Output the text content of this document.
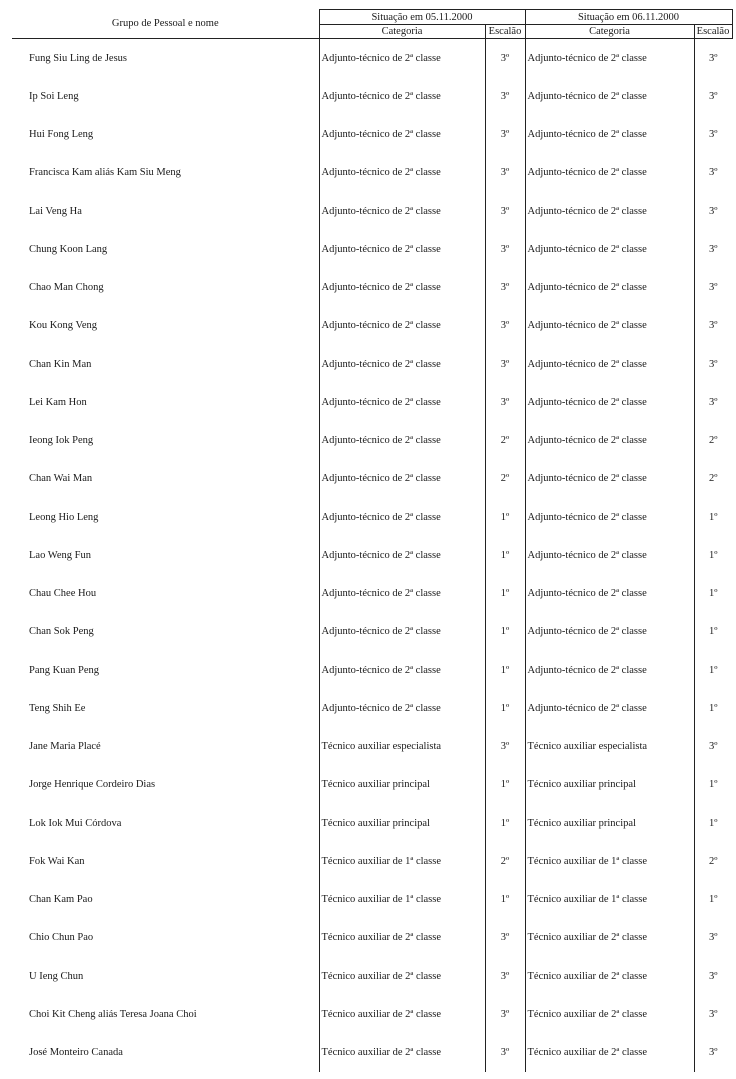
Grupo de Pessoal e nome	Situação em 05.11.2000		Situação em 06.11.2000	
	Categoria	Escalão	Categoria	Escalão
Fung Siu Ling de Jesus	Adjunto-técnico de 2ª classe	3º	Adjunto-técnico de 2ª classe	3º
Ip Soi Leng	Adjunto-técnico de 2ª classe	3º	Adjunto-técnico de 2ª classe	3º
Hui Fong Leng	Adjunto-técnico de 2ª classe	3º	Adjunto-técnico de 2ª classe	3º
Francisca Kam aliás Kam Siu Meng	Adjunto-técnico de 2ª classe	3º	Adjunto-técnico de 2ª classe	3º
Lai Veng Ha	Adjunto-técnico de 2ª classe	3º	Adjunto-técnico de 2ª classe	3º
Chung Koon Lang	Adjunto-técnico de 2ª classe	3º	Adjunto-técnico de 2ª classe	3º
Chao Man Chong	Adjunto-técnico de 2ª classe	3º	Adjunto-técnico de 2ª classe	3º
Kou Kong Veng	Adjunto-técnico de 2ª classe	3º	Adjunto-técnico de 2ª classe	3º
Chan Kin Man	Adjunto-técnico de 2ª classe	3º	Adjunto-técnico de 2ª classe	3º
Lei Kam Hon	Adjunto-técnico de 2ª classe	3º	Adjunto-técnico de 2ª classe	3º
Ieong Iok Peng	Adjunto-técnico de 2ª classe	2º	Adjunto-técnico de 2ª classe	2º
Chan Wai Man	Adjunto-técnico de 2ª classe	2º	Adjunto-técnico de 2ª classe	2º
Leong Hio Leng	Adjunto-técnico de 2ª classe	1º	Adjunto-técnico de 2ª classe	1º
Lao Weng Fun	Adjunto-técnico de 2ª classe	1º	Adjunto-técnico de 2ª classe	1º
Chau Chee Hou	Adjunto-técnico de 2ª classe	1º	Adjunto-técnico de 2ª classe	1º
Chan Sok Peng	Adjunto-técnico de 2ª classe	1º	Adjunto-técnico de 2ª classe	1º
Pang Kuan Peng	Adjunto-técnico de 2ª classe	1º	Adjunto-técnico de 2ª classe	1º
Teng Shih Ee	Adjunto-técnico de 2ª classe	1º	Adjunto-técnico de 2ª classe	1º
Jane Maria Placé	Técnico auxiliar especialista	3º	Técnico auxiliar especialista	3º
Jorge Henrique Cordeiro Dias	Técnico auxiliar principal	1º	Técnico auxiliar principal	1º
Lok Iok Mui Córdova	Técnico auxiliar principal	1º	Técnico auxiliar principal	1º
Fok Wai Kan	Técnico auxiliar de 1ª classe	2º	Técnico auxiliar de 1ª classe	2º
Chan Kam Pao	Técnico auxiliar de 1ª classe	1º	Técnico auxiliar de 1ª classe	1º
Chio Chun Pao	Técnico auxiliar de 2ª classe	3º	Técnico auxiliar de 2ª classe	3º
U Ieng Chun	Técnico auxiliar de 2ª classe	3º	Técnico auxiliar de 2ª classe	3º
Choi Kit Cheng aliás Teresa Joana Choi	Técnico auxiliar de 2ª classe	3º	Técnico auxiliar de 2ª classe	3º
José Monteiro Canada	Técnico auxiliar de 2ª classe	3º	Técnico auxiliar de 2ª classe	3º
